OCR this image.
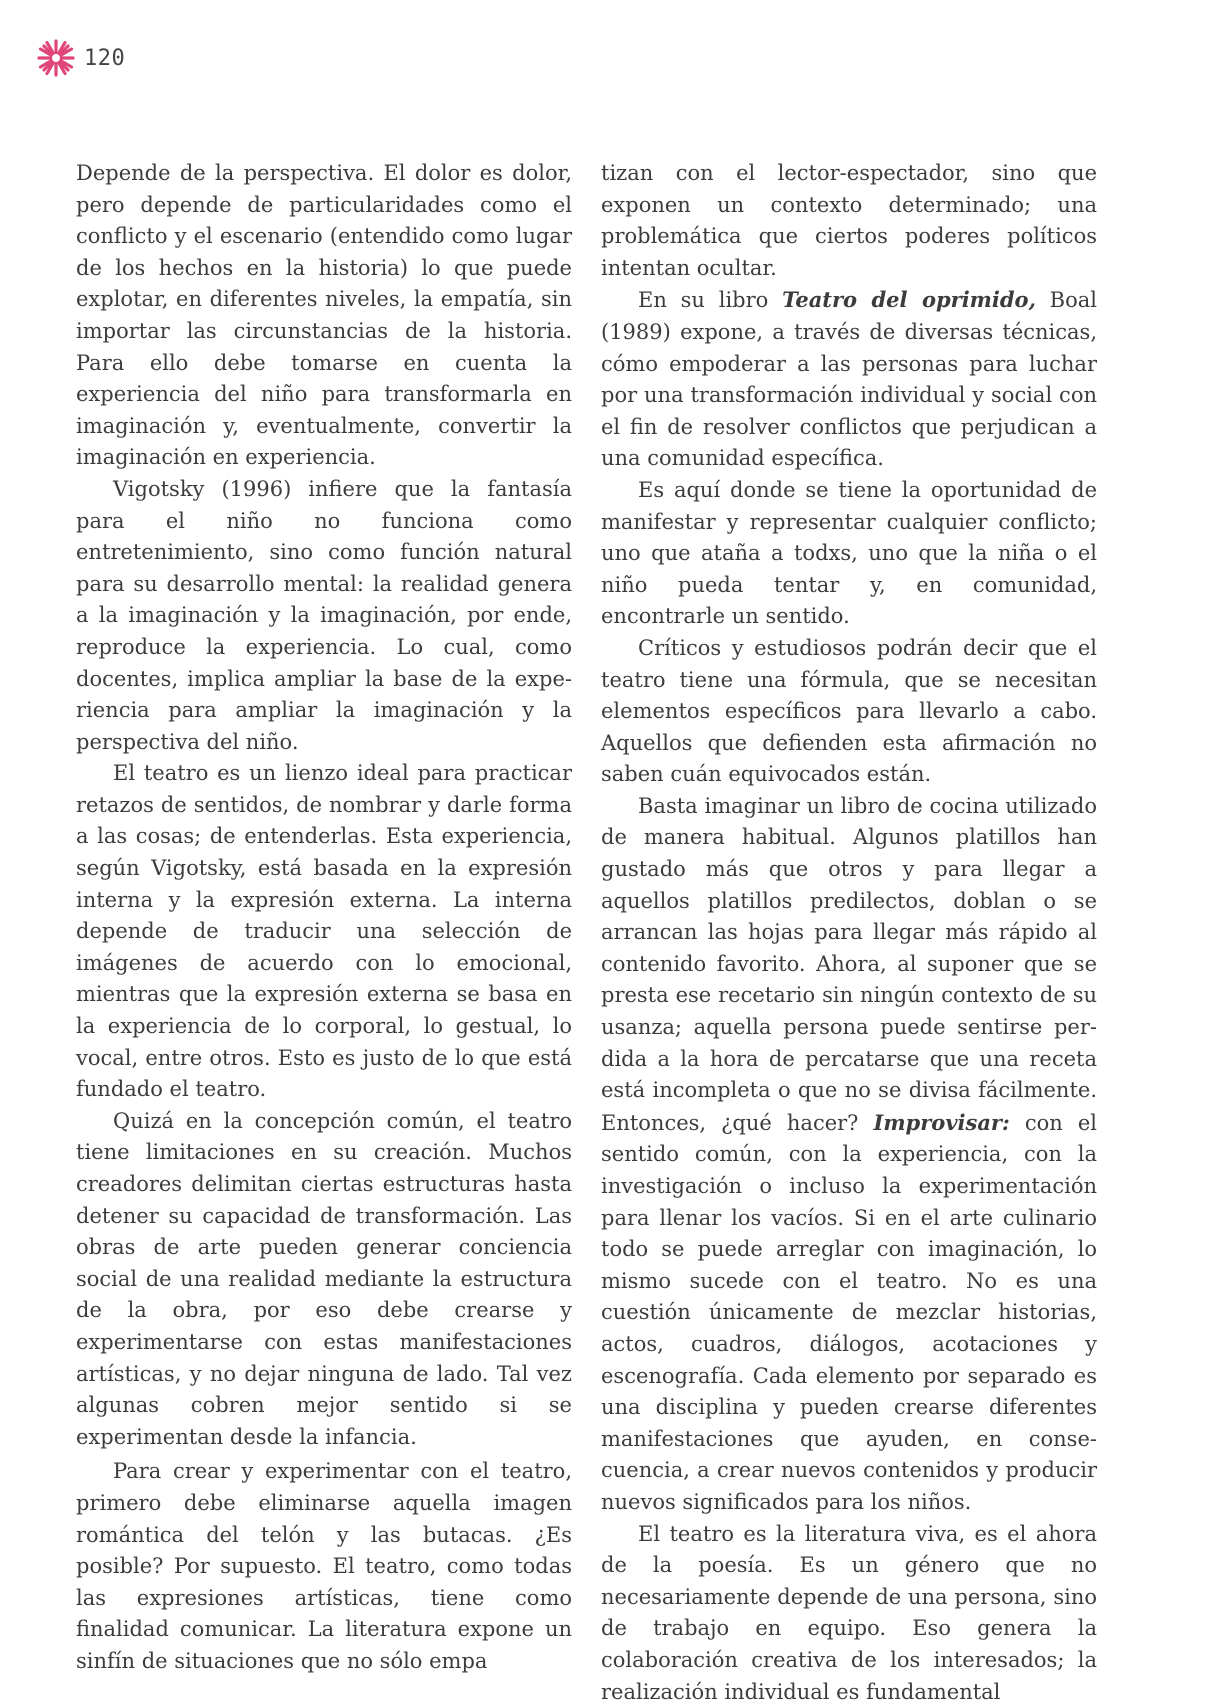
120

Depende de la perspectiva. El dolor es dolor, pero depende de particularidades como el conflicto y el escenario (entendido como lugar de los hechos en la historia) lo que puede explotar, en diferentes niveles, la empatía, sin importar las circunstancias de la historia. Para ello debe tomarse en cuenta la experiencia del niño para transformarla en imaginación y, eventualmente, convertir la imaginación en experiencia.

Vigotsky (1996) infiere que la fantasía para el niño no funciona como entretenimiento, sino como función natural para su desarrollo mental: la realidad genera a la imaginación y la imaginación, por ende, reproduce la experiencia. Lo cual, como docentes, implica ampliar la base de la experiencia para ampliar la imaginación y la perspectiva del niño.

El teatro es un lienzo ideal para practicar retazos de sentidos, de nombrar y darle forma a las cosas; de entenderlas. Esta experiencia, según Vigotsky, está basada en la expresión interna y la expresión externa. La interna depende de traducir una selección de imágenes de acuerdo con lo emocional, mientras que la expresión externa se basa en la experiencia de lo corporal, lo gestual, lo vocal, entre otros. Esto es justo de lo que está fundado el teatro.

Quizá en la concepción común, el teatro tiene limitaciones en su creación. Muchos creadores delimitan ciertas estructuras hasta detener su capacidad de transformación. Las obras de arte pueden generar conciencia social de una realidad mediante la estructura de la obra, por eso debe crearse y experimentarse con estas manifestaciones artísticas, y no dejar ninguna de lado. Tal vez algunas cobren mejor sentido si se experimentan desde la infancia.

Para crear y experimentar con el teatro, primero debe eliminarse aquella imagen romántica del telón y las butacas. ¿Es posible? Por supuesto. El teatro, como todas las expresiones artísticas, tiene como finalidad comunicar. La literatura expone un sinfín de situaciones que no sólo empa

tizan con el lector-espectador, sino que exponen un contexto determinado; una problemática que ciertos poderes políticos intentan ocultar.

En su libro Teatro del oprimido, Boal (1989) expone, a través de diversas técnicas, cómo empoderar a las personas para luchar por una transformación individual y social con el fin de resolver conflictos que perjudican a una comunidad específica.

Es aquí donde se tiene la oportunidad de manifestar y representar cualquier conflicto; uno que ataña a todxs, uno que la niña o el niño pueda tentar y, en comunidad, encontrarle un sentido.

Críticos y estudiosos podrán decir que el teatro tiene una fórmula, que se necesitan elementos específicos para llevarlo a cabo. Aquellos que defienden esta afirmación no saben cuán equivocados están.

Basta imaginar un libro de cocina utilizado de manera habitual. Algunos platillos han gustado más que otros y para llegar a aquellos platillos predilectos, doblan o se arrancan las hojas para llegar más rápido al contenido favorito. Ahora, al suponer que se presta ese recetario sin ningún contexto de su usanza; aquella persona puede sentirse perdida a la hora de percatarse que una receta está incompleta o que no se divisa fácilmente. Entonces, ¿qué hacer? Improvisar: con el sentido común, con la experiencia, con la investigación o incluso la experimentación para llenar los vacíos. Si en el arte culinario todo se puede arreglar con imaginación, lo mismo sucede con el teatro. No es una cuestión únicamente de mezclar historias, actos, cuadros, diálogos, acotaciones y escenografía. Cada elemento por separado es una disciplina y pueden crearse diferentes manifestaciones que ayuden, en consecuencia, a crear nuevos contenidos y producir nuevos significados para los niños.

El teatro es la literatura viva, es el ahora de la poesía. Es un género que no necesariamente depende de una persona, sino de trabajo en equipo. Eso genera la colaboración creativa de los interesados; la realización individual es fundamental
